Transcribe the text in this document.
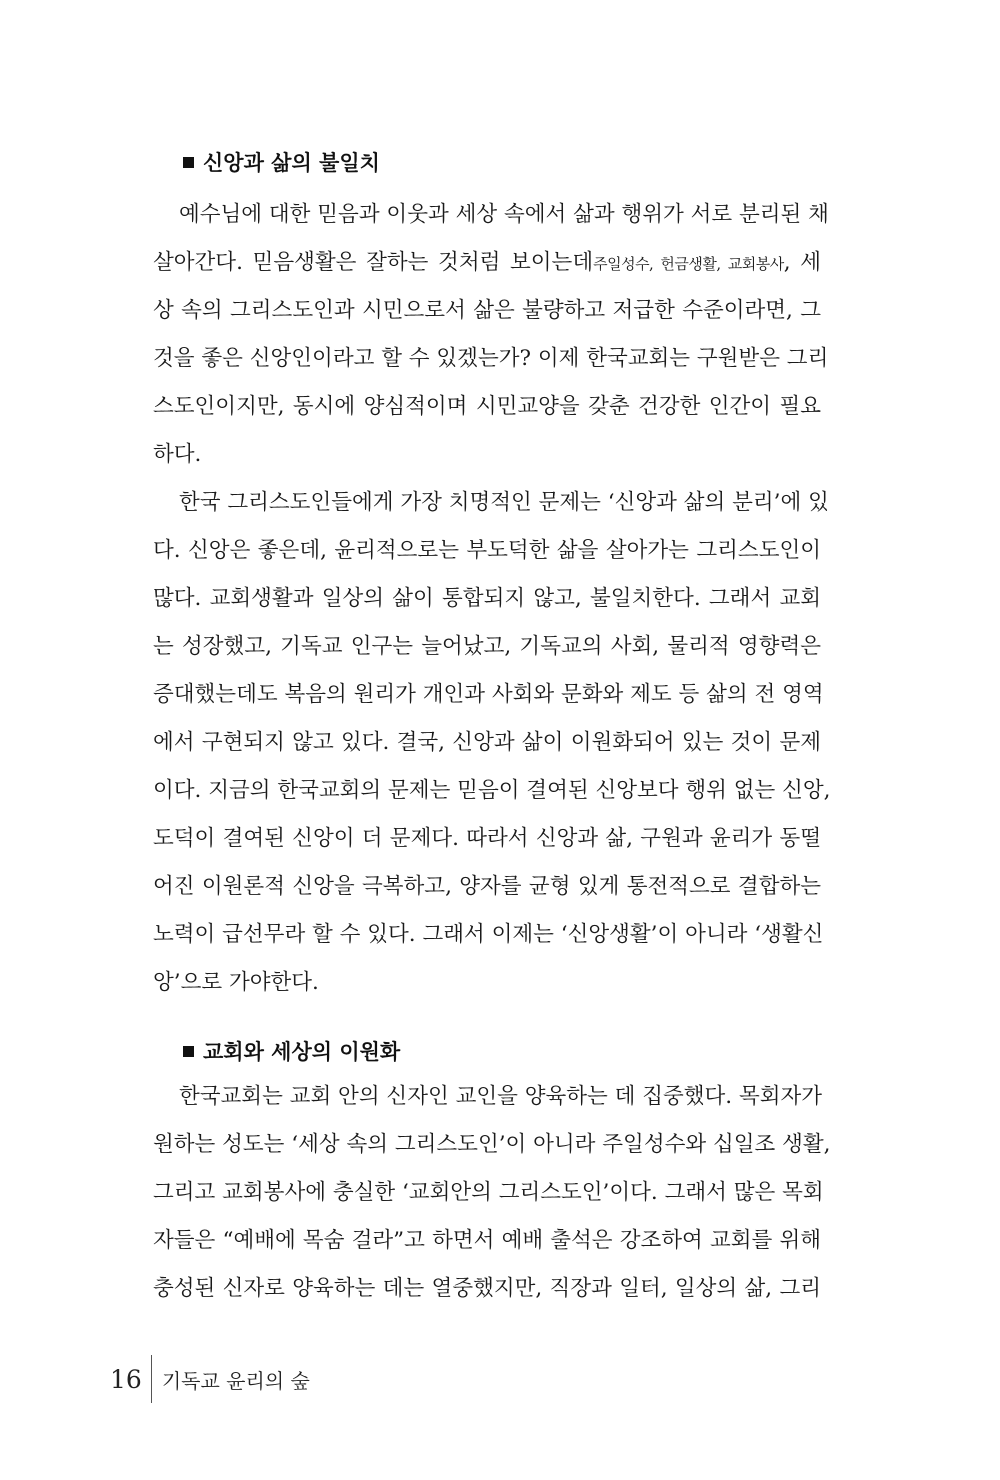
신앙과 삶의 불일치
예수님에 대한 믿음과 이웃과 세상 속에서 삶과 행위가 서로 분리된 채
살아간다. 믿음생활은 잘하는 것처럼 보이는데주일성수, 헌금생활, 교회봉사, 세
상 속의 그리스도인과 시민으로서 삶은 불량하고 저급한 수준이라면, 그
것을 좋은 신앙인이라고 할 수 있겠는가? 이제 한국교회는 구원받은 그리
스도인이지만, 동시에 양심적이며 시민교양을 갖춘 건강한 인간이 필요
하다.
한국 그리스도인들에게 가장 치명적인 문제는 ‘신앙과 삶의 분리’에 있
다. 신앙은 좋은데, 윤리적으로는 부도덕한 삶을 살아가는 그리스도인이
많다. 교회생활과 일상의 삶이 통합되지 않고, 불일치한다. 그래서 교회
는 성장했고, 기독교 인구는 늘어났고, 기독교의 사회, 물리적 영향력은
증대했는데도 복음의 원리가 개인과 사회와 문화와 제도 등 삶의 전 영역
에서 구현되지 않고 있다. 결국, 신앙과 삶이 이원화되어 있는 것이 문제
이다. 지금의 한국교회의 문제는 믿음이 결여된 신앙보다 행위 없는 신앙,
도덕이 결여된 신앙이 더 문제다. 따라서 신앙과 삶, 구원과 윤리가 동떨
어진 이원론적 신앙을 극복하고, 양자를 균형 있게 통전적으로 결합하는
노력이 급선무라 할 수 있다. 그래서 이제는 ‘신앙생활’이 아니라 ‘생활신
앙’으로 가야한다.
교회와 세상의 이원화
한국교회는 교회 안의 신자인 교인을 양육하는 데 집중했다. 목회자가
원하는 성도는 ‘세상 속의 그리스도인’이 아니라 주일성수와 십일조 생활,
그리고 교회봉사에 충실한 ‘교회안의 그리스도인’이다. 그래서 많은 목회
자들은 “예배에 목숨 걸라”고 하면서 예배 출석은 강조하여 교회를 위해
충성된 신자로 양육하는 데는 열중했지만, 직장과 일터, 일상의 삶, 그리
16	기독교 윤리의 숲
